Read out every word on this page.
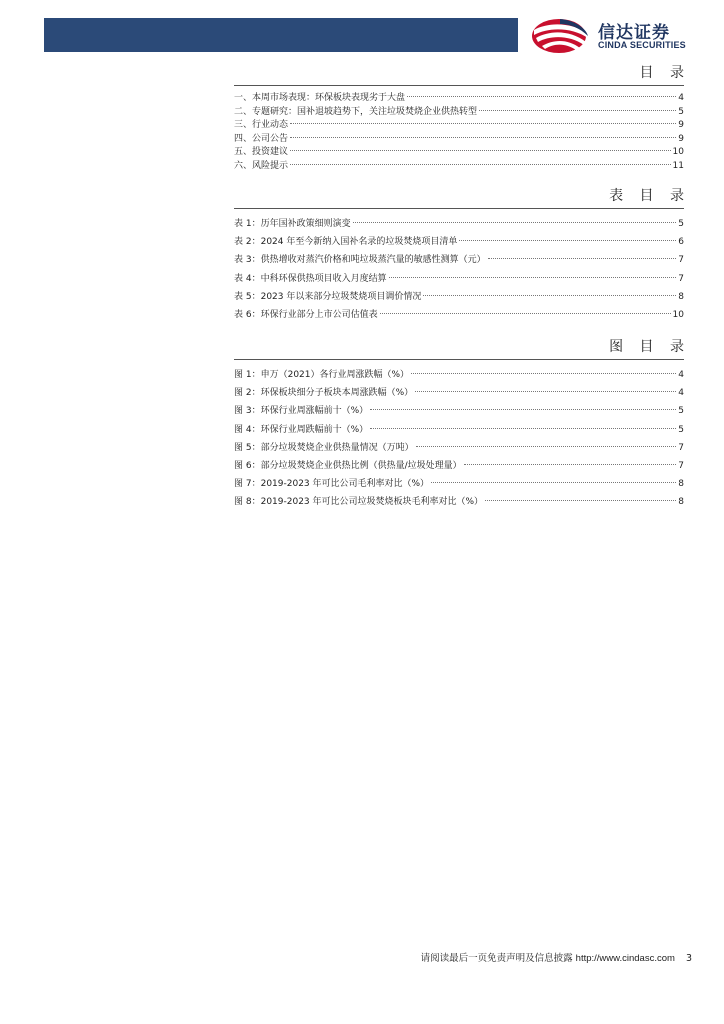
信达证券
CINDA SECURITIES
目 录
一、本周市场表现：环保板块表现劣于大盘	4
二、专题研究：国补退坡趋势下，关注垃圾焚烧企业供热转型	5
三、行业动态	9
四、公司公告	9
五、投资建议	10
六、风险提示	11
表 目 录
表 1：历年国补政策细则演变	5
表 2：2024 年至今新纳入国补名录的垃圾焚烧项目清单	6
表 3：供热增收对蒸汽价格和吨垃圾蒸汽量的敏感性测算（元）	7
表 4：中科环保供热项目收入月度结算	7
表 5：2023 年以来部分垃圾焚烧项目调价情况	8
表 6：环保行业部分上市公司估值表	10
图 目 录
图 1：申万（2021）各行业周涨跌幅（%）	4
图 2：环保板块细分子板块本周涨跌幅（%）	4
图 3：环保行业周涨幅前十（%）	5
图 4：环保行业周跌幅前十（%）	5
图 5：部分垃圾焚烧企业供热量情况（万吨）	7
图 6：部分垃圾焚烧企业供热比例（供热量/垃圾处理量）	7
图 7：2019-2023 年可比公司毛利率对比（%）	8
图 8：2019-2023 年可比公司垃圾焚烧板块毛利率对比（%）	8
请阅读最后一页免责声明及信息披露 http://www.cindasc.com 3
